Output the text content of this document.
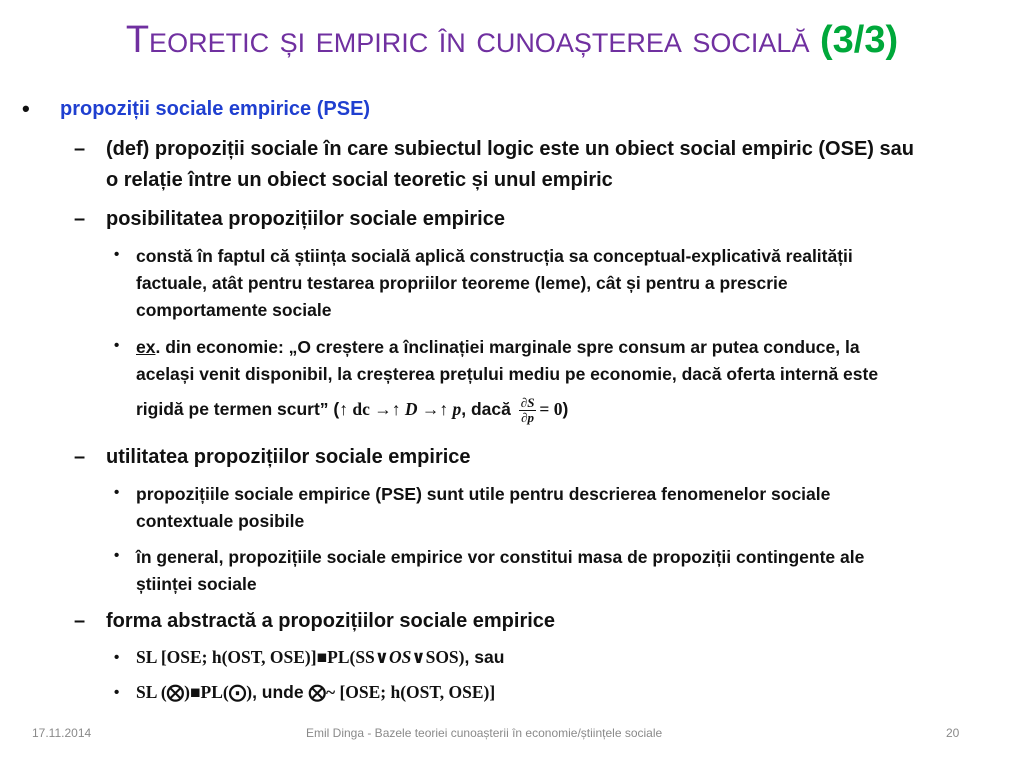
Teoretic și empiric în cunoașterea socială (3/3)
• propoziții sociale empirice (PSE)
– (def) propoziții sociale în care subiectul logic este un obiect social empiric (OSE) sau
o relație între un obiect social teoretic și unul empiric
– posibilitatea propozițiilor sociale empirice
• constă în faptul că știința socială aplică construcția sa conceptual-explicativă realității
factuale, atât pentru testarea propriilor teoreme (leme), cât și pentru a prescrie
comportamente sociale
• ex. din economie: „O creștere a înclinației marginale spre consum ar putea conduce, la
același venit disponibil, la creșterea prețului mediu pe economie, dacă oferta internă este
rigidă pe termen scurt” (↑ dc →↑ D →↑ p, dacă $\frac{\partial S}{\partial p} = 0$)
– utilitatea propozițiilor sociale empirice
• propozițiile sociale empirice (PSE) sunt utile pentru descrierea fenomenelor sociale
contextuale posibile
• în general, propozițiile sociale empirice vor constitui masa de propoziții contingente ale
științei sociale
– forma abstractă a propozițiilor sociale empirice
• SL [OSE; h(OST, OSE)]■PL(SS∨OS∨SOS), sau
• SL (⨂)■PL(⨀), unde ⨂~ [OSE; h(OST, OSE)]
17.11.2014	Emil Dinga - Bazele teoriei cunoașterii în economie/științele sociale	20
